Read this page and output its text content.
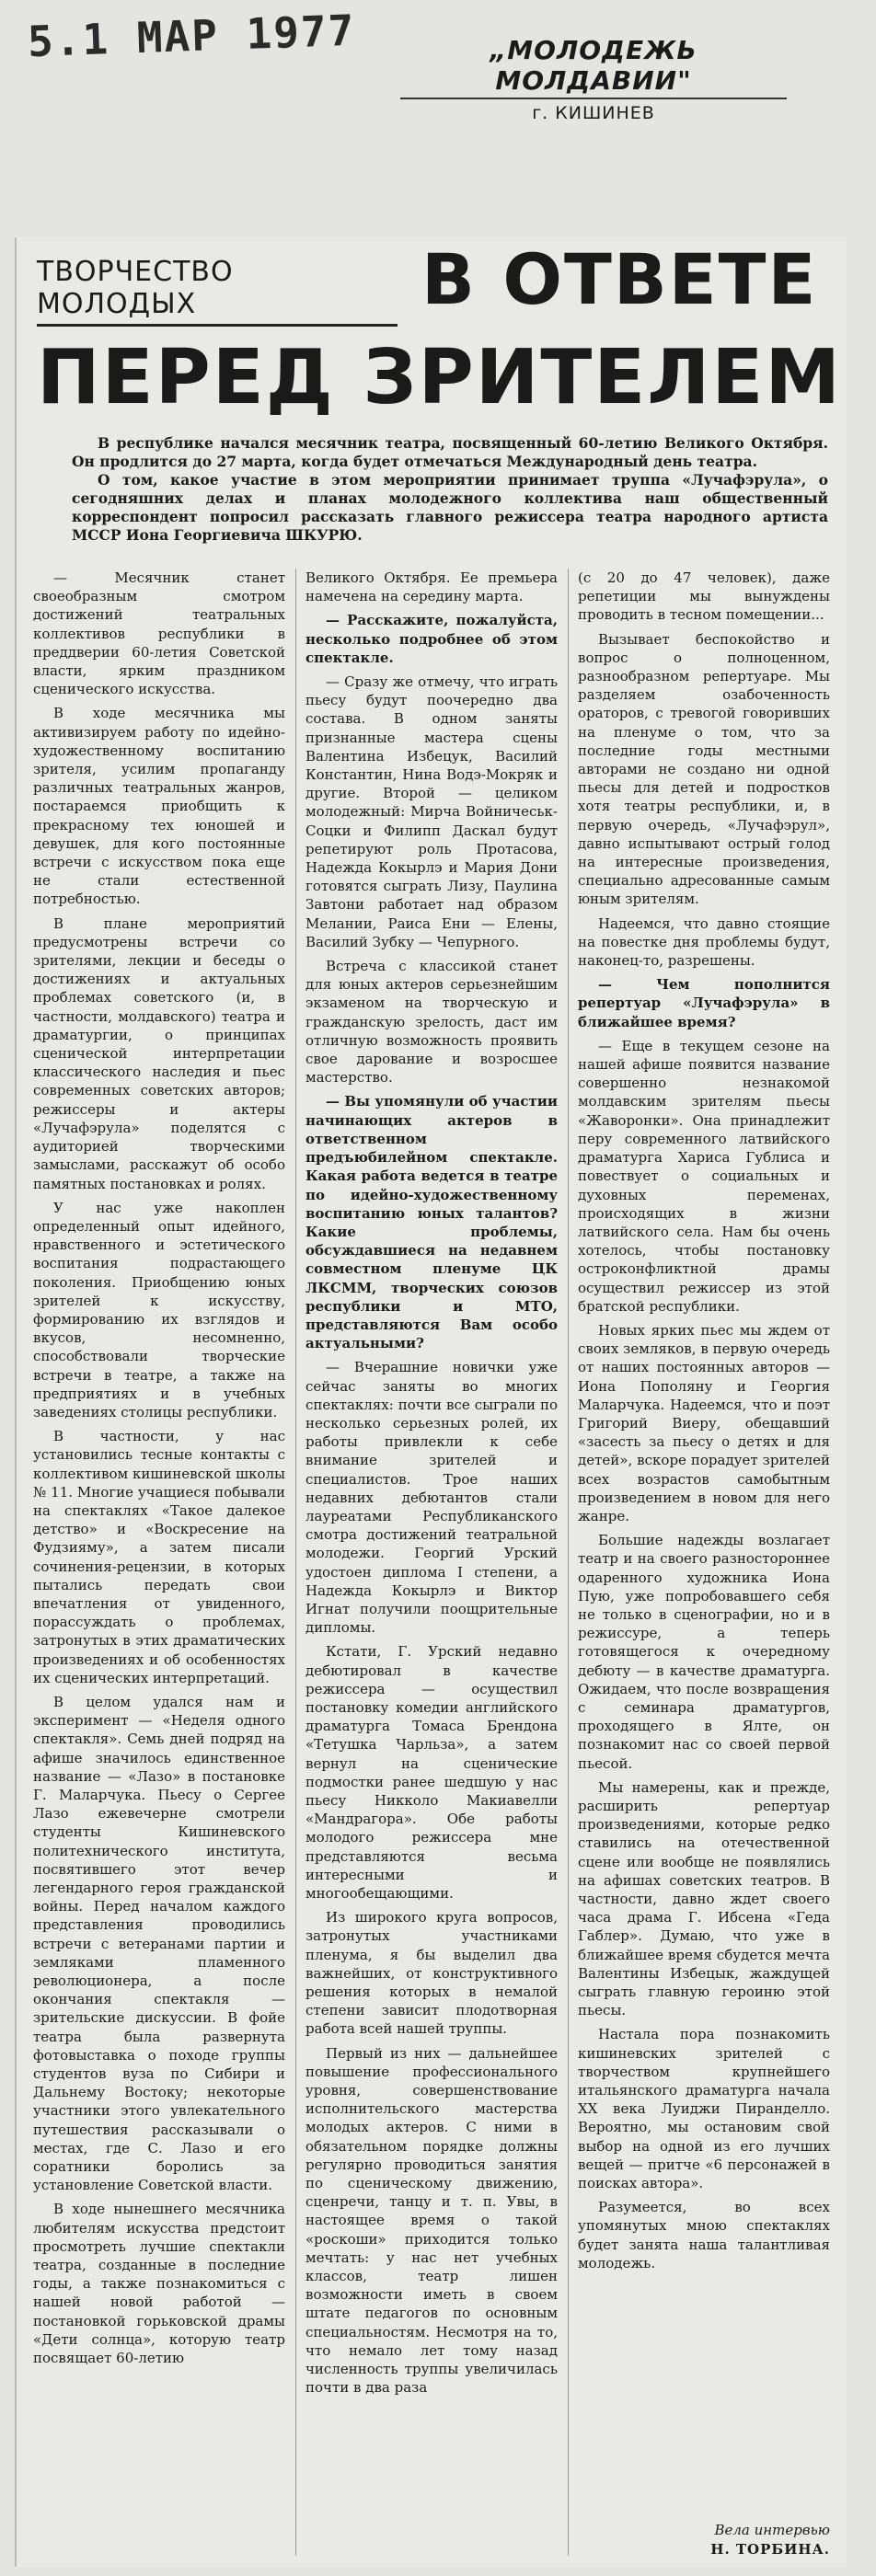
5.1 МАР 1977	„МОЛОДЕЖЬ МОЛДАВИИ"
г. КИШИНЕВ
ТВОРЧЕСТВО МОЛОДЫХ	В ОТВЕТЕ
ПЕРЕД ЗРИТЕЛЕМ

В республике начался месячник театра, посвященный 60-летию Великого Октября. Он продлится до 27 марта, когда будет отмечаться Международный день театра.

О том, какое участие в этом мероприятии принимает труппа «Лучафэрула», о сегодняшних делах и планах молодежного коллектива наш общественный корреспондент попросил рассказать главного режиссера театра народного артиста МССР Иона Георгиевича ШКУРЮ.

— Месячник станет своеобразным смотром достижений театральных коллективов республики в преддверии 60-летия Советской власти, ярким праздником сценического искусства.

В ходе месячника мы активизируем работу по идейно-художественному воспитанию зрителя, усилим пропаганду различных театральных жанров, постараемся приобщить к прекрасному тех юношей и девушек, для кого постоянные встречи с искусством пока еще не стали естественной потребностью.

В плане мероприятий предусмотрены встречи со зрителями, лекции и беседы о достижениях и актуальных проблемах советского (и, в частности, молдавского) театра и драматургии, о принципах сценической интерпретации классического наследия и пьес современных советских авторов; режиссеры и актеры «Лучафэрула» поделятся с аудиторией творческими замыслами, расскажут об особо памятных постановках и ролях.

У нас уже накоплен определенный опыт идейного, нравственного и эстетического воспитания подрастающего поколения. Приобщению юных зрителей к искусству, формированию их взглядов и вкусов, несомненно, способствовали творческие встречи в театре, а также на предприятиях и в учебных заведениях столицы республики.

В частности, у нас установились тесные контакты с коллективом кишиневской школы № 11. Многие учащиеся побывали на спектаклях «Такое далекое детство» и «Воскресение на Фудзияму», а затем писали сочинения-рецензии, в которых пытались передать свои впечатления от увиденного, порассуждать о проблемах, затронутых в этих драматических произведениях и об особенностях их сценических интерпретаций.

В целом удался нам и эксперимент — «Неделя одного спектакля». Семь дней подряд на афише значилось единственное название — «Лазо» в постановке Г. Маларчука. Пьесу о Сергее Лазо ежевечерне смотрели студенты Кишиневского политехнического института, посвятившего этот вечер легендарного героя гражданской войны. Перед началом каждого представления проводились встречи с ветеранами партии и земляками пламенного революционера, а после окончания спектакля — зрительские дискуссии. В фойе театра была развернута фотовыставка о походе группы студентов вуза по Сибири и Дальнему Востоку; некоторые участники этого увлекательного путешествия рассказывали о местах, где С. Лазо и его соратники боролись за установление Советской власти.

В ходе нынешнего месячника любителям искусства предстоит просмотреть лучшие спектакли театра, созданные в последние годы, а также познакомиться с нашей новой работой — постановкой горьковской драмы «Дети солнца», которую театр посвящает 60-летию

Великого Октября. Ее премьера намечена на середину марта.

— Расскажите, пожалуйста, несколько подробнее об этом спектакле.

— Сразу же отмечу, что играть пьесу будут поочередно два состава. В одном заняты признанные мастера сцены Валентина Избецук, Василий Константин, Нина Водэ-Мокряк и другие. Второй — целиком молодежный: Мирча Войничеськ-Соцки и Филипп Даскал будут репетируют роль Протасова, Надежда Кокырлэ и Мария Дони готовятся сыграть Лизу, Паулина Завтони работает над образом Мелании, Раиса Ени — Елены, Василий Зубку — Чепурного.

Встреча с классикой станет для юных актеров серьезнейшим экзаменом на творческую и гражданскую зрелость, даст им отличную возможность проявить свое дарование и возросшее мастерство.

— Вы упомянули об участии начинающих актеров в ответственном предъюбилейном спектакле. Какая работа ведется в театре по идейно-художественному воспитанию юных талантов? Какие проблемы, обсуждавшиеся на недавнем совместном пленуме ЦК ЛКСММ, творческих союзов республики и МТО, представляются Вам особо актуальными?

— Вчерашние новички уже сейчас заняты во многих спектаклях: почти все сыграли по несколько серьезных ролей, их работы привлекли к себе внимание зрителей и специалистов. Трое наших недавних дебютантов стали лауреатами Республиканского смотра достижений театральной молодежи. Георгий Урский удостоен диплома I степени, а Надежда Кокырлэ и Виктор Игнат получили поощрительные дипломы.

Кстати, Г. Урский недавно дебютировал в качестве режиссера — осуществил постановку комедии английского драматурга Томаса Брендона «Тетушка Чарльза», а затем вернул на сценические подмостки ранее шедшую у нас пьесу Никколо Макиавелли «Мандрагора». Обе работы молодого режиссера мне представляются весьма интересными и многообещающими.

Из широкого круга вопросов, затронутых участниками пленума, я бы выделил два важнейших, от конструктивного решения которых в немалой степени зависит плодотворная работа всей нашей труппы.

Первый из них — дальнейшее повышение профессионального уровня, совершенствование исполнительского мастерства молодых актеров. С ними в обязательном порядке должны регулярно проводиться занятия по сценическому движению, сценречи, танцу и т. п. Увы, в настоящее время о такой «роскоши» приходится только мечтать: у нас нет учебных классов, театр лишен возможности иметь в своем штате педагогов по основным специальностям. Несмотря на то, что немало лет тому назад численность труппы увеличилась почти в два раза

(с 20 до 47 человек), даже репетиции мы вынуждены проводить в тесном помещении...

Вызывает беспокойство и вопрос о полноценном, разнообразном репертуаре. Мы разделяем озабоченность ораторов, с тревогой говоривших на пленуме о том, что за последние годы местными авторами не создано ни одной пьесы для детей и подростков хотя театры республики, и, в первую очередь, «Лучафэрул», давно испытывают острый голод на интересные произведения, специально адресованные самым юным зрителям.

Надеемся, что давно стоящие на повестке дня проблемы будут, наконец-то, разрешены.

— Чем пополнится репертуар «Лучафэрула» в ближайшее время?

— Еще в текущем сезоне на нашей афише появится название совершенно незнакомой молдавским зрителям пьесы «Жаворонки». Она принадлежит перу современного латвийского драматурга Хариса Гублиса и повествует о социальных и духовных переменах, происходящих в жизни латвийского села. Нам бы очень хотелось, чтобы постановку остроконфликтной драмы осуществил режиссер из этой братской республики.

Новых ярких пьес мы ждем от своих земляков, в первую очередь от наших постоянных авторов — Иона Пополяну и Георгия Маларчука. Надеемся, что и поэт Григорий Виеру, обещавший «засесть за пьесу о детях и для детей», вскоре порадует зрителей всех возрастов самобытным произведением в новом для него жанре.

Большие надежды возлагает театр и на своего разностороннее одаренного художника Иона Пую, уже попробовавшего себя не только в сценографии, но и в режиссуре, а теперь готовящегося к очередному дебюту — в качестве драматурга. Ожидаем, что после возвращения с семинара драматургов, проходящего в Ялте, он познакомит нас со своей первой пьесой.

Мы намерены, как и прежде, расширить репертуар произведениями, которые редко ставились на отечественной сцене или вообще не появлялись на афишах советских театров. В частности, давно ждет своего часа драма Г. Ибсена «Геда Габлер». Думаю, что уже в ближайшее время сбудется мечта Валентины Избецык, жаждущей сыграть главную героиню этой пьесы.

Настала пора познакомить кишиневских зрителей с творчеством крупнейшего итальянского драматурга начала XX века Луиджи Пиранделло. Вероятно, мы остановим свой выбор на одной из его лучших вещей — притче «6 персонажей в поисках автора».

Разумеется, во всех упомянутых мною спектаклях будет занята наша талантливая молодежь.

Вела интервью
Н. ТОРБИНА.
